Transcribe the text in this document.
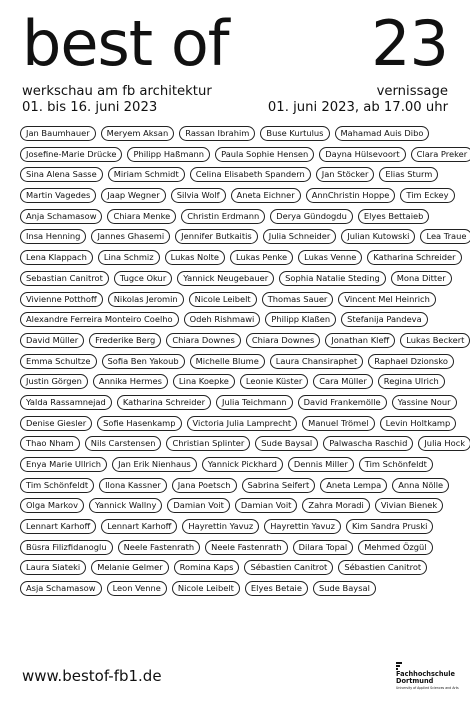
best of 23
werkschau am fb architektur
01. bis 16. juni 2023
vernissage
01. juni 2023, ab 17.00 uhr
Jan Baumhauer Meryem Aksan Rassan Ibrahim Buse Kurtulus Mahamad Auis Dibo
Josefine-Marie Drücke Philipp Haßmann Paula Sophie Hensen Dayna Hülsevoort Clara Preker
Sina Alena Sasse Miriam Schmidt Celina Elisabeth Spandern Jan Stöcker Elias Sturm
Martin Vagedes Jaap Wegner Silvia Wolf Aneta Eichner AnnChristin Hoppe Tim Eckey
Anja Schamasow Chiara Menke Christin Erdmann Derya Gündogdu Elyes Bettaieb
Insa Henning Jannes Ghasemi Jennifer Butkaitis Julia Schneider Julian Kutowski Lea Traue
Lena Klappach Lina Schmiz Lukas Nolte Lukas Penke Lukas Venne Katharina Schreider
Sebastian Canitrot Tugce Okur Yannick Neugebauer Sophia Natalie Steding Mona Ditter
Vivienne Potthoff Nikolas Jeromin Nicole Leibelt Thomas Sauer Vincent Mel Heinrich
Alexandre Ferreira Monteiro Coelho Odeh Rishmawi Philipp Klaßen Stefanija Pandeva
David Müller Frederike Berg Chiara Downes Chiara Downes Jonathan Kleff Lukas Beckert
Emma Schultze Sofia Ben Yakoub Michelle Blume Laura Chansiraphet Raphael Dzionsko
Justin Görgen Annika Hermes Lina Koepke Leonie Küster Cara Müller Regina Ulrich
Yalda Rassamnejad Katharina Schreider Julia Teichmann David Frankemölle Yassine Nour
Denise Giesler Sofie Hasenkamp Victoria Julia Lamprecht Manuel Trömel Levin Holtkamp
Thao Nham Nils Carstensen Christian Splinter Sude Baysal Palwascha Raschid Julia Hock
Enya Marie Ullrich Jan Erik Nienhaus Yannick Pickhard Dennis Miller Tim Schönfeldt
Tim Schönfeldt Ilona Kassner Jana Poetsch Sabrina Seifert Aneta Lempa Anna Nölle
Olga Markov Yannick Wallny Damian Voit Damian Voit Zahra Moradi Vivian Bienek
Lennart Karhoff Lennart Karhoff Hayrettin Yavuz Hayrettin Yavuz Kim Sandra Pruski
Büsra Filizfidanoglu Neele Fastenrath Neele Fastenrath Dilara Topal Mehmed Özgül
Laura Siateki Melanie Gelmer Romina Kaps Sébastien Canitrot Sébastien Canitrot
Asja Schamasow Leon Venne Nicole Leibelt Elyes Betaie Sude Baysal
www.bestof-fb1.de	Fachhochschule
Dortmund
University of Applied Sciences and Arts
